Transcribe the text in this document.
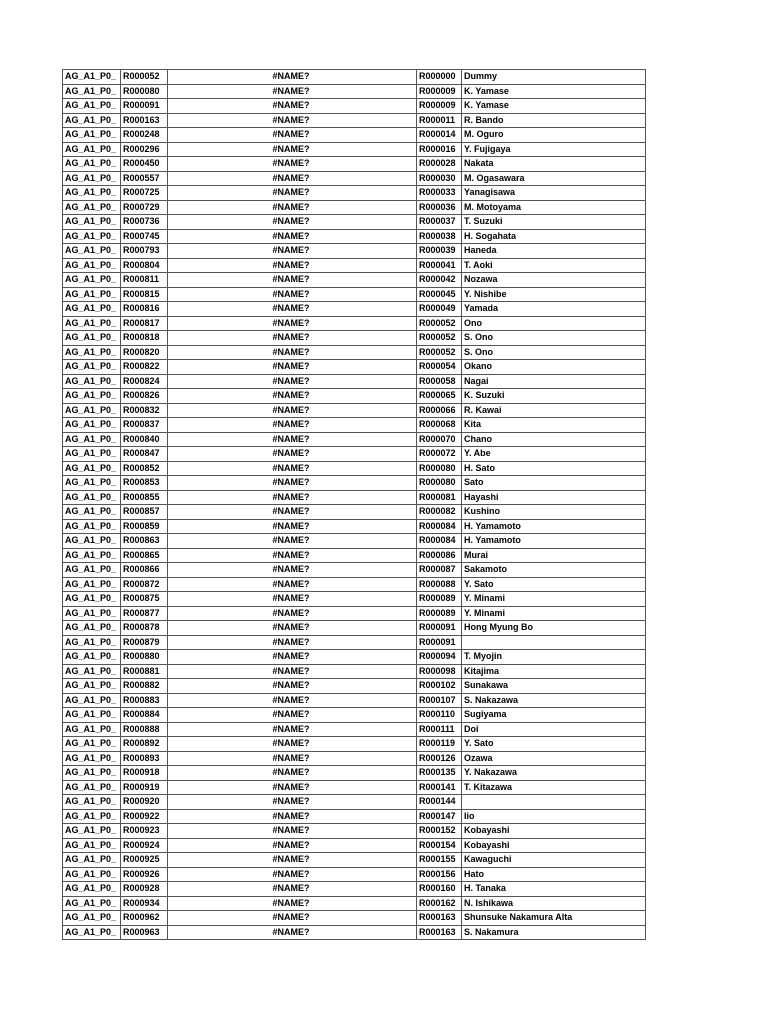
AG_A1_P0_	R000052	#NAME?		R000000	Dummy
AG_A1_P0_	R000080	#NAME?		R000009	K. Yamase
AG_A1_P0_	R000091	#NAME?		R000009	K. Yamase
AG_A1_P0_	R000163	#NAME?		R000011	R. Bando
AG_A1_P0_	R000248	#NAME?		R000014	M. Oguro
AG_A1_P0_	R000296	#NAME?		R000016	Y. Fujigaya
AG_A1_P0_	R000450	#NAME?		R000028	Nakata
AG_A1_P0_	R000557	#NAME?		R000030	M. Ogasawara
AG_A1_P0_	R000725	#NAME?		R000033	Yanagisawa
AG_A1_P0_	R000729	#NAME?		R000036	M. Motoyama
AG_A1_P0_	R000736	#NAME?		R000037	T. Suzuki
AG_A1_P0_	R000745	#NAME?		R000038	H. Sogahata
AG_A1_P0_	R000793	#NAME?		R000039	Haneda
AG_A1_P0_	R000804	#NAME?		R000041	T. Aoki
AG_A1_P0_	R000811	#NAME?		R000042	Nozawa
AG_A1_P0_	R000815	#NAME?		R000045	Y. Nishibe
AG_A1_P0_	R000816	#NAME?		R000049	Yamada
AG_A1_P0_	R000817	#NAME?		R000052	Ono
AG_A1_P0_	R000818	#NAME?		R000052	S. Ono
AG_A1_P0_	R000820	#NAME?		R000052	S. Ono
AG_A1_P0_	R000822	#NAME?		R000054	Okano
AG_A1_P0_	R000824	#NAME?		R000058	Nagai
AG_A1_P0_	R000826	#NAME?		R000065	K. Suzuki
AG_A1_P0_	R000832	#NAME?		R000066	R. Kawai
AG_A1_P0_	R000837	#NAME?		R000068	Kita
AG_A1_P0_	R000840	#NAME?		R000070	Chano
AG_A1_P0_	R000847	#NAME?		R000072	Y. Abe
AG_A1_P0_	R000852	#NAME?		R000080	H. Sato
AG_A1_P0_	R000853	#NAME?		R000080	Sato
AG_A1_P0_	R000855	#NAME?		R000081	Hayashi
AG_A1_P0_	R000857	#NAME?		R000082	Kushino
AG_A1_P0_	R000859	#NAME?		R000084	H. Yamamoto
AG_A1_P0_	R000863	#NAME?		R000084	H. Yamamoto
AG_A1_P0_	R000865	#NAME?		R000086	Murai
AG_A1_P0_	R000866	#NAME?		R000087	Sakamoto
AG_A1_P0_	R000872	#NAME?		R000088	Y. Sato
AG_A1_P0_	R000875	#NAME?		R000089	Y. Minami
AG_A1_P0_	R000877	#NAME?		R000089	Y. Minami
AG_A1_P0_	R000878	#NAME?		R000091	Hong Myung Bo
AG_A1_P0_	R000879	#NAME?		R000091	
AG_A1_P0_	R000880	#NAME?		R000094	T. Myojin
AG_A1_P0_	R000881	#NAME?		R000098	Kitajima
AG_A1_P0_	R000882	#NAME?		R000102	Sunakawa
AG_A1_P0_	R000883	#NAME?		R000107	S. Nakazawa
AG_A1_P0_	R000884	#NAME?		R000110	Sugiyama
AG_A1_P0_	R000888	#NAME?		R000111	Doi
AG_A1_P0_	R000892	#NAME?		R000119	Y. Sato
AG_A1_P0_	R000893	#NAME?		R000126	Ozawa
AG_A1_P0_	R000918	#NAME?		R000135	Y. Nakazawa
AG_A1_P0_	R000919	#NAME?		R000141	T. Kitazawa
AG_A1_P0_	R000920	#NAME?		R000144	
AG_A1_P0_	R000922	#NAME?		R000147	Iio
AG_A1_P0_	R000923	#NAME?		R000152	Kobayashi
AG_A1_P0_	R000924	#NAME?		R000154	Kobayashi
AG_A1_P0_	R000925	#NAME?		R000155	Kawaguchi
AG_A1_P0_	R000926	#NAME?		R000156	Hato
AG_A1_P0_	R000928	#NAME?		R000160	H. Tanaka
AG_A1_P0_	R000934	#NAME?		R000162	N. Ishikawa
AG_A1_P0_	R000962	#NAME?		R000163	Shunsuke Nakamura Alta
AG_A1_P0_	R000963	#NAME?		R000163	S. Nakamura
